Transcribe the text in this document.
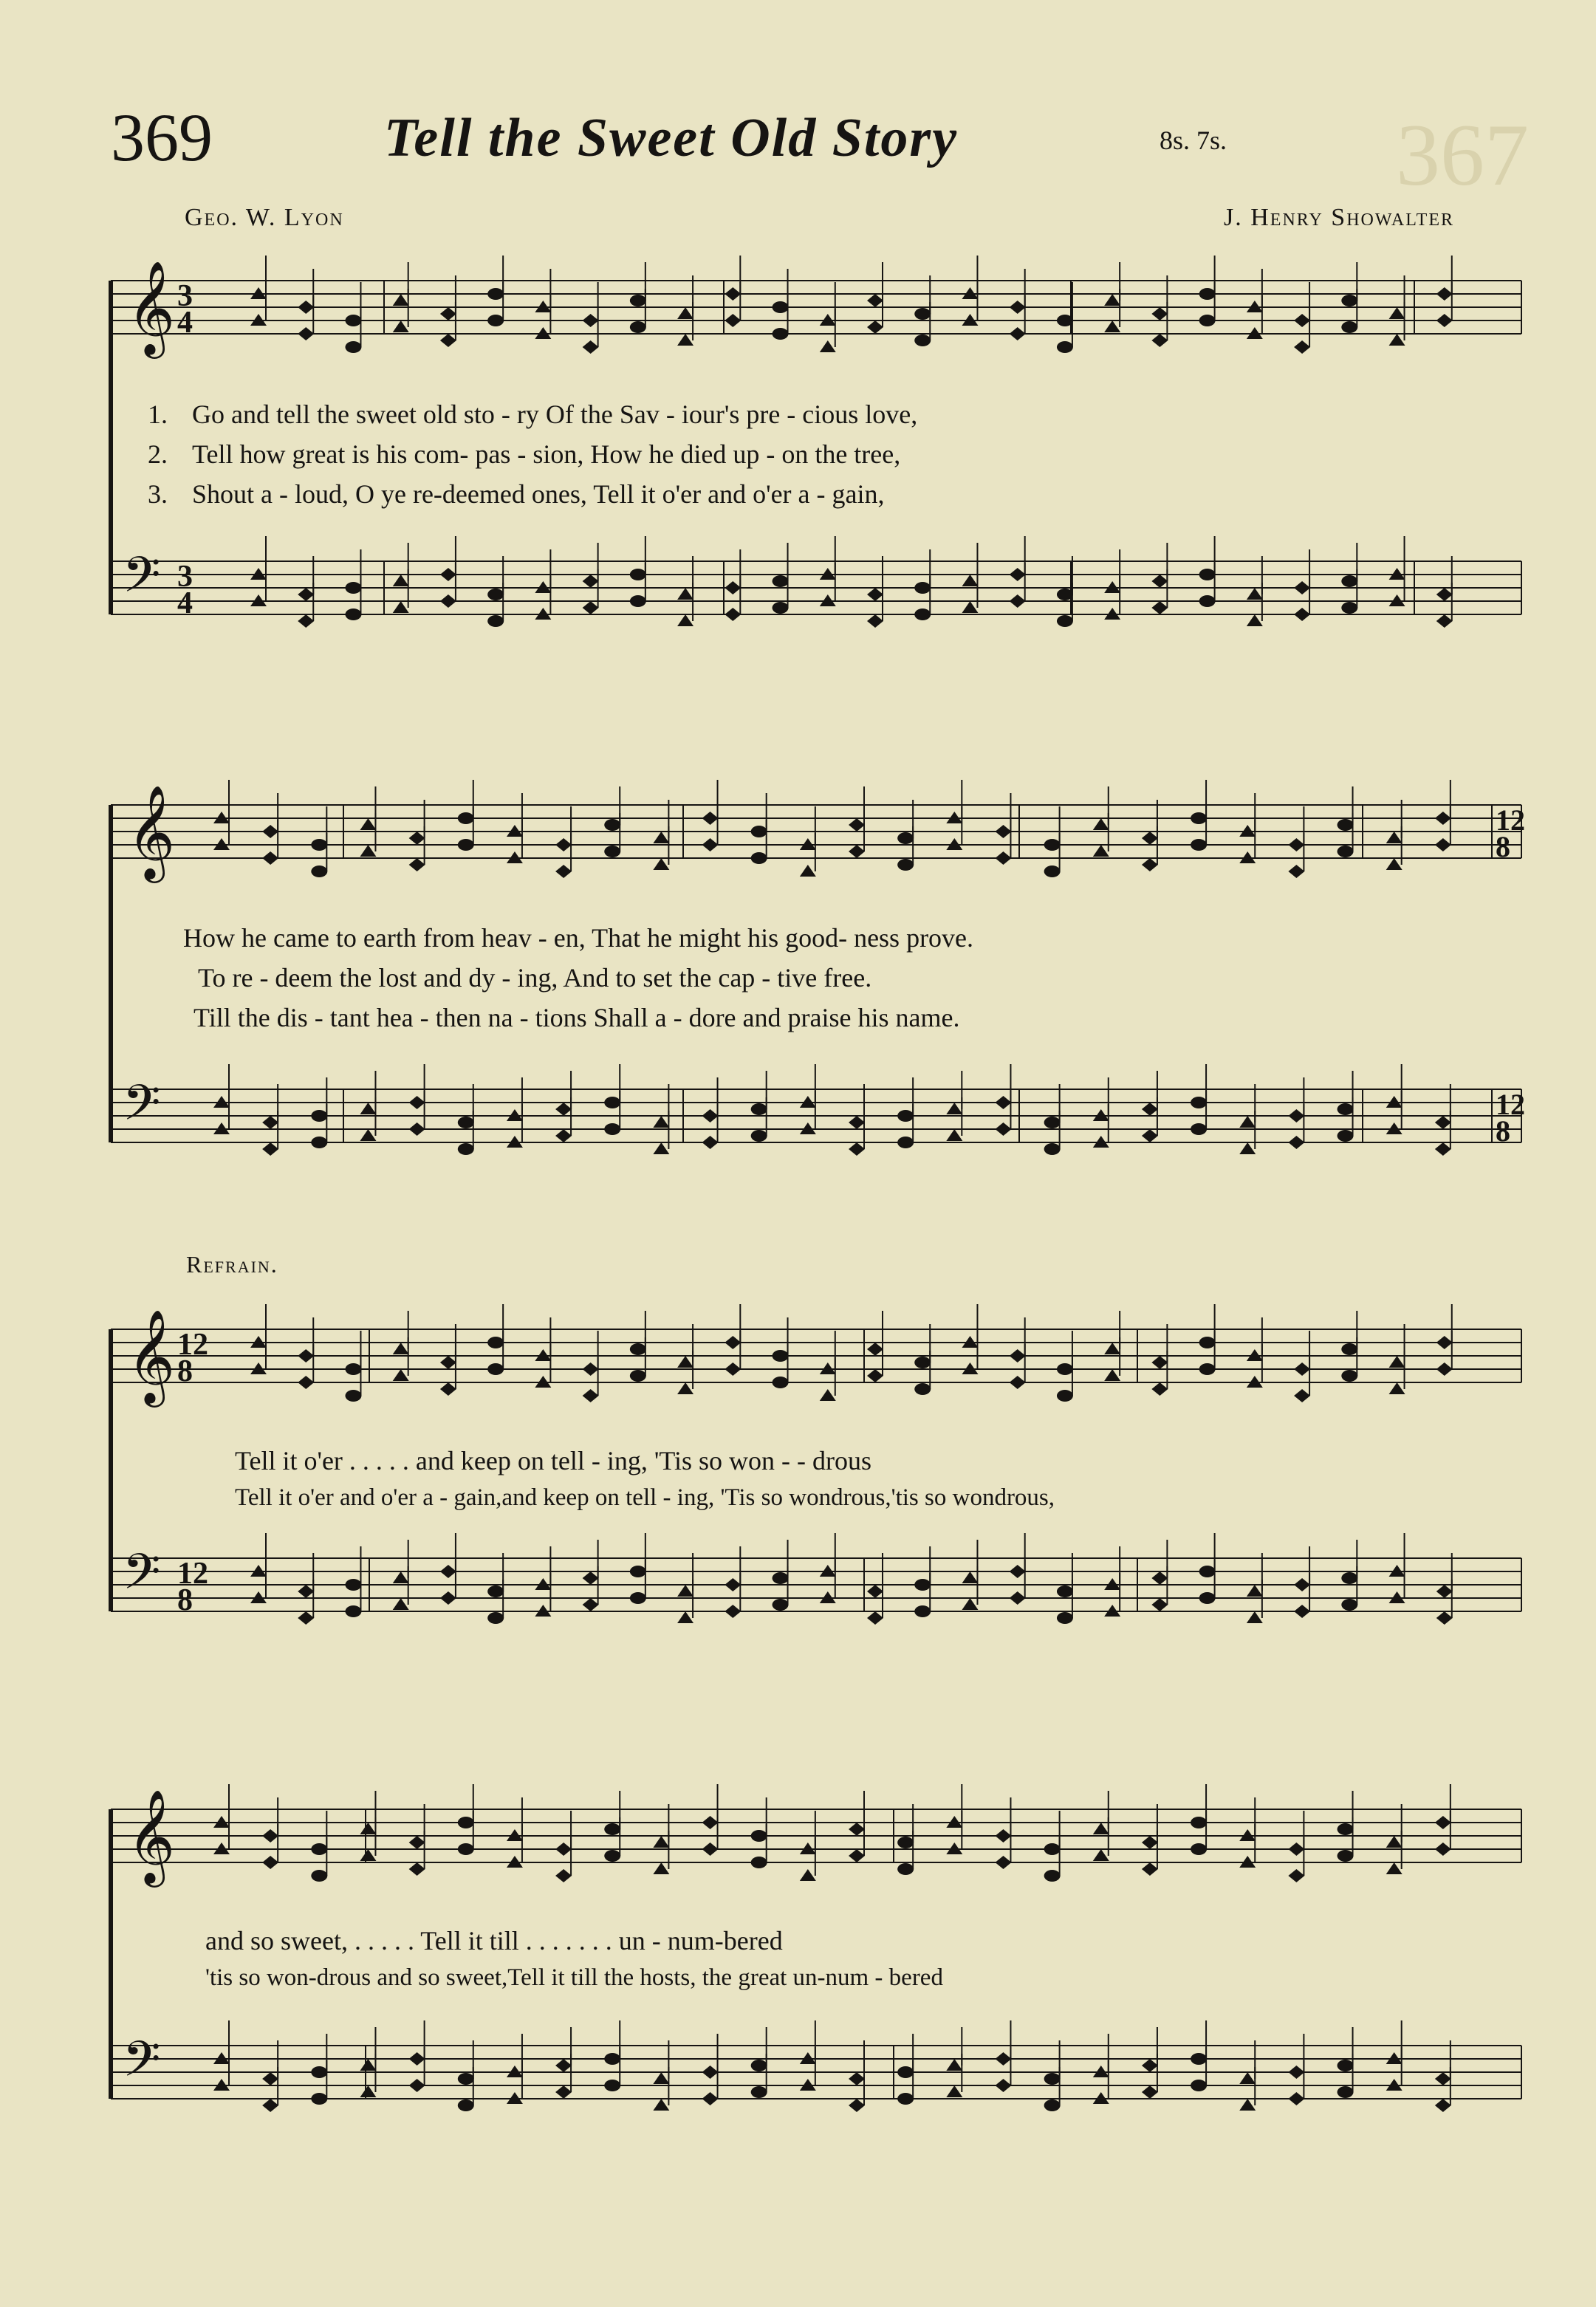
367
369	Tell the Sweet Old Story	8s. 7s.
Geo. W. Lyon	J. Henry Showalter
𝄞
𝄢
3
4
3
4
𝄞
𝄢
𝄞
𝄢
12
8
12
8
𝄞
𝄢
12
8
12
8
1. Go and tell the sweet old sto - ry Of the Sav - iour's pre - cious love,
2. Tell how great is his com- pas - sion, How he died up - on the tree,
3. Shout a - loud, O ye re-deemed ones, Tell it o'er and o'er a - gain,
How he came to earth from heav - en, That he might his good- ness prove.
To re - deem the lost and dy - ing, And to set the cap - tive free.
Till the dis - tant hea - then na - tions Shall a - dore and praise his name.
Refrain.
Tell it o'er . . . . . and keep on tell - ing, 'Tis so won - - drous
Tell it o'er and o'er a - gain,and keep on tell - ing, 'Tis so wondrous,'tis so wondrous,
and so sweet, . . . . . Tell it till . . . . . . . un - num-bered
'tis so won-drous and so sweet,Tell it till the hosts, the great un-num - bered
